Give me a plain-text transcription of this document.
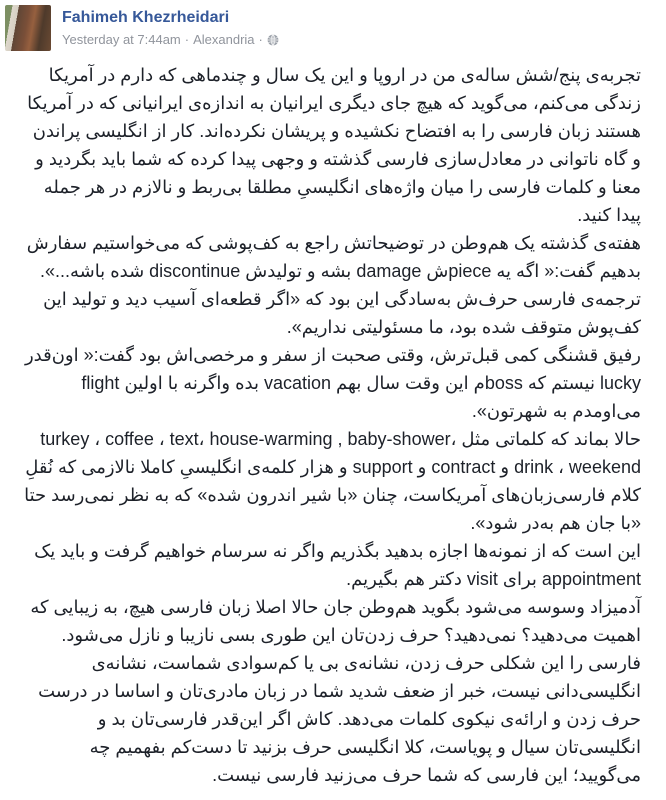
Fahimeh Khezrheidari
Yesterday at 7:44am · Alexandria ·

تجربه‌ی پنج/شش ساله‌ی من در اروپا و این یک سال و چندماهی که دارم در آمریکا زندگی می‌کنم، می‌گوید که هیچ جای دیگری ایرانیان به اندازه‌ی ایرانیانی که در آمریکا هستند زبان فارسی را به افتضاح نکشیده و پریشان نکرده‌اند. کار از انگلیسی پراندن و گاه ناتوانی در معادل‌سازی فارسی گذشته و وجهی پیدا کرده که شما باید بگردید و معنا و کلمات فارسی را میان واژه‌های انگلیسیِ مطلقا بی‌ربط و نالازم در هر جمله پیدا کنید.

هفته‌ی گذشته یک هم‌وطن در توضیحاتش راجع به کف‌پوشی که می‌خواستیم سفارش بدهیم گفت:« اگه یه pieceش damage بشه و تولیدش discontinue شده باشه...». ترجمه‌ی فارسی حرف‌ش به‌سادگی این بود که «اگر قطعه‌ای آسیب دید و تولید این کف‌پوش متوقف شده بود، ما مسئولیتی نداریم».

رفیق قشنگی کمی قبل‌ترش، وقتی صحبت از سفر و مرخصی‌اش بود گفت:« اون‌قدر lucky نیستم که bossم این وقت سال بهم vacation بده واگرنه با اولین flight می‌اومدم به شهرتون».

حالا بماند که کلماتی مثل ‪turkey ، coffee ، text، house-warming , baby-shower، drink ، weekend‬ و contract و support و هزار کلمه‌ی انگلیسیِ کاملا نالازمی که نُقلِ کلام فارسی‌زبان‌های آمریکاست، چنان «با شیر اندرون شده» که به نظر نمی‌رسد حتا «با جان هم به‌در شود».

این است که از نمونه‌ها اجازه بدهید بگذریم واگر نه سرسام خواهیم گرفت و باید یک appointment برای visit دکتر هم بگیریم.

آدمیزاد وسوسه می‌شود بگوید هم‌وطن جان حالا اصلا زبان فارسی هیچ، به زیبایی که اهمیت می‌دهید؟ نمی‌دهید؟ حرف زدن‌تان این طوری بسی نازیبا و نازل می‌شود. فارسی را این شکلی حرف زدن، نشانه‌ی بی یا کم‌سوادی شماست، نشانه‌ی انگلیسی‌دانی نیست، خبر از ضعف شدید شما در زبان مادری‌تان و اساسا در درست حرف زدن و ارائه‌ی نیکوی کلمات می‌دهد. کاش اگر این‌قدر فارسی‌تان بد و انگلیسی‌تان سیال و پویاست، کلا انگلیسی حرف بزنید تا دست‌کم بفهمیم چه می‌گویید؛ این فارسی که شما حرف می‌زنید فارسی نیست.
